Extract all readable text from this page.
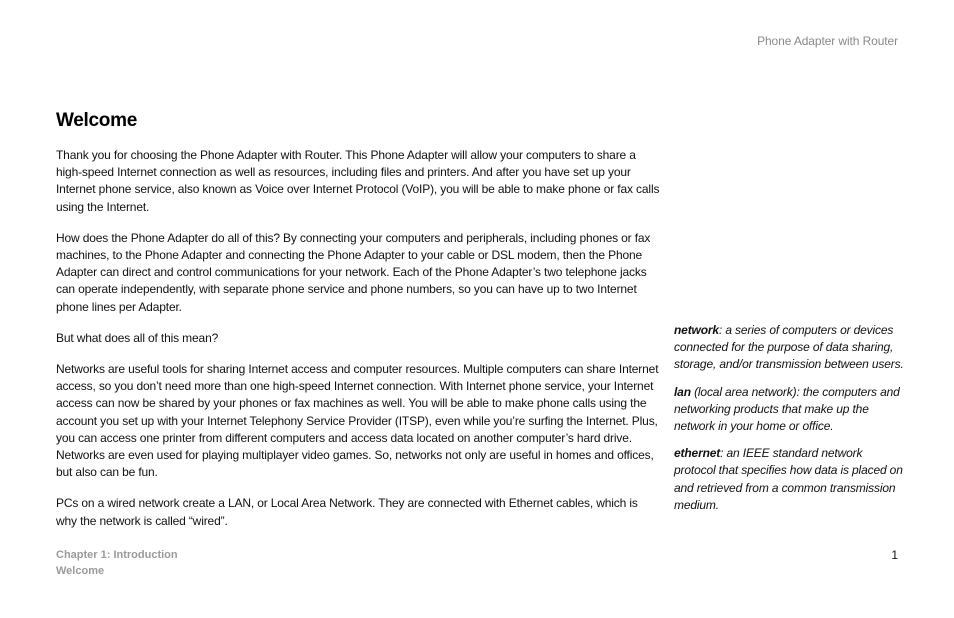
Phone Adapter with Router
Welcome

Thank you for choosing the Phone Adapter with Router. This Phone Adapter will allow your computers to share a high-speed Internet connection as well as resources, including files and printers. And after you have set up your Internet phone service, also known as Voice over Internet Protocol (VoIP), you will be able to make phone or fax calls using the Internet.

How does the Phone Adapter do all of this? By connecting your computers and peripherals, including phones or fax machines, to the Phone Adapter and connecting the Phone Adapter to your cable or DSL modem, then the Phone Adapter can direct and control communications for your network. Each of the Phone Adapter’s two telephone jacks can operate independently, with separate phone service and phone numbers, so you can have up to two Internet phone lines per Adapter.

But what does all of this mean?

Networks are useful tools for sharing Internet access and computer resources. Multiple computers can share Internet access, so you don’t need more than one high-speed Internet connection. With Internet phone service, your Internet access can now be shared by your phones or fax machines as well. You will be able to make phone calls using the account you set up with your Internet Telephony Service Provider (ITSP), even while you’re surfing the Internet. Plus, you can access one printer from different computers and access data located on another computer’s hard drive. Networks are even used for playing multiplayer video games. So, networks not only are useful in homes and offices, but also can be fun.

PCs on a wired network create a LAN, or Local Area Network. They are connected with Ethernet cables, which is why the network is called “wired”.

network: a series of computers or devices connected for the purpose of data sharing, storage, and/or transmission between users.

lan (local area network): the computers and networking products that make up the network in your home or office.

ethernet: an IEEE standard network protocol that specifies how data is placed on and retrieved from a common transmission medium.

Chapter 1: Introduction
Welcome
1
